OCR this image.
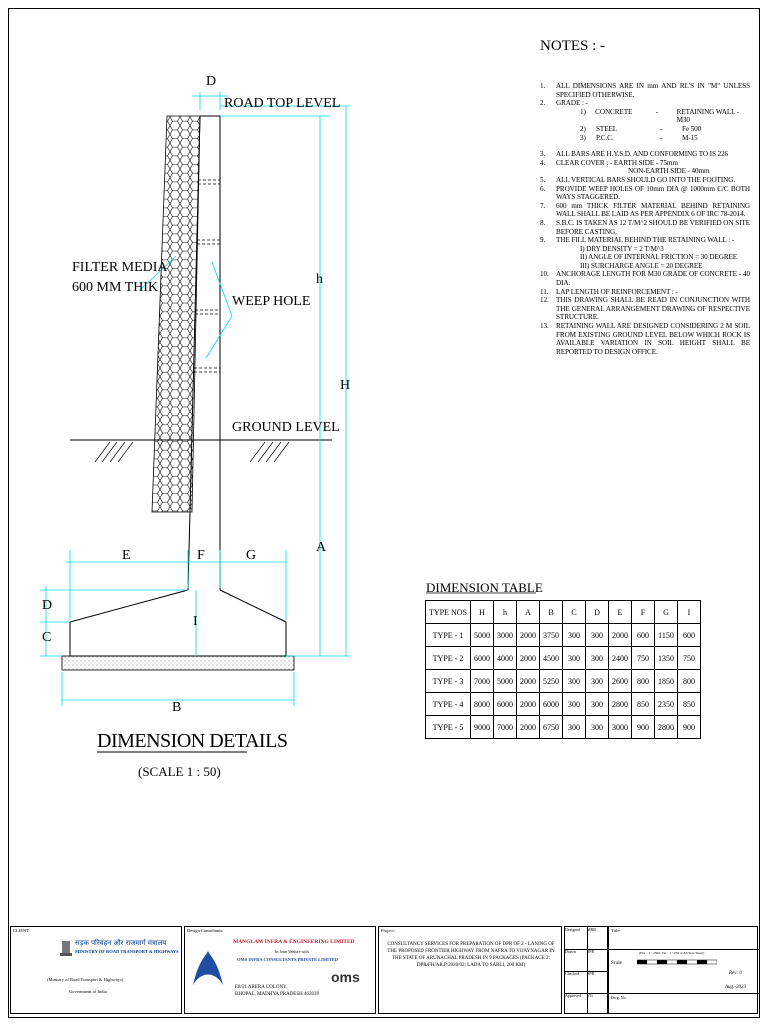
D
ROAD TOP LEVEL
FILTER MEDIA
600 MM THIK
WEEP HOLE
h
H
GROUND LEVEL
A
E	F	G
D
C
I
B
DIMENSION DETAILS
(SCALE 1 : 50)
NOTES : -
1.	ALL DIMENSIONS ARE IN mm AND RL'S IN "M" UNLESS SPECIFIED OTHERWISE.
2.	GRADE : -
1)	CONCRETE	-	RETAINING WALL - M30
2)	STEEL	-	Fe 500
3)	P.C.C.	-	M-15
3.	ALL BARS ARE H.Y.S.D. AND CONFORMING TO IS 226
4.	CLEAR COVER : - EARTH SIDE - 75mm
NON-EARTH SIDE - 40mm
5.	ALL VERTICAL BARS SHOULD GO INTO THE FOOTING.
6.	PROVIDE WEEP HOLES OF 10mm DIA @ 1000mm C/C BOTH WAYS STAGGERED.
7.	600 mm THICK FILTER MATERIAL BEHIND RETAINING WALL SHALL BE LAID AS PER APPENDIX 6 OF IRC 78-2014.
8.	S.B.C. IS TAKEN AS 12 T/M^2 SHOULD BE VERIFIED ON SITE BEFORE CASTING.
9.	THE FILL MATERIAL BEHIND THE RETAINING WALL : -
I) DRY DENSITY = 2 T/M^3
II) ANGLE OF INTERNAL FRICTION = 30 DEGREE
III) SURCHARGE ANGLE = 20 DEGREE
10.	ANCHORAGE LENGTH FOR M30 GRADE OF CONCRETE - 40 DIA.
11.	LAP LENGTH OF REINFORCEMENT : -
12.	THIS DRAWING SHALL BE READ IN CONJUNCTION WITH THE GENERAL ARRANGEMENT DRAWING OF RESPECTIVE STRUCTURE.
13.	RETAINING WALL ARE DESIGNED CONSIDERING 2 M SOIL FROM EXISTING GROUND LEVEL BELOW WHICH ROCK IS AVAILABLE VARIATION IN SOIL HEIGHT SHALL BE REPORTED TO DESIGN OFFICE.
DIMENSION TABLE
TYPE NOS	H	h	A	B	C	D	E	F	G	I
TYPE - 1	5000	3000	2000	3750	300	300	2000	600	1150	600
TYPE - 2	6000	4000	2000	4500	300	300	2400	750	1350	750
TYPE - 3	7000	5000	2000	5250	300	300	2600	800	1850	800
TYPE - 4	8000	6000	2000	6000	300	300	2800	850	2350	850
TYPE - 5	9000	7000	2000	6750	300	300	3000	900	2800	900
CLIENT:
सड़क परिवहन और राजमार्ग मंत्रालय
MINISTRY OF ROAD TRANSPORT & HIGHWAYS
(Ministry of Road Transport & Highways)
Government of India
Design Consultants:
MANGLAM INFRA & ENGINEERING LIMITED
In Joint Venture with
OMS INFRA CONSULTANTS PRIVATE LIMITED
E8/31 ARERA COLONY,
BHOPAL, MADHYA PRADESH 462039
oms
Project:
CONSULTANCY SERVICES FOR PREPARATION OF DPR OF 2 - LANING OF THE PROPOSED FRONTIER HIGHWAY FROM NAFRA TO VIJAYNAGAR IN THE STATE OF ARUNACHAL PRADESH IN 9 PACKAGES (PACKAGE 2: DPR/FH/AR.P/2020/02: LADA TO SARLI, 200 KM)
Designed	MRR
Drawn	SPR
Checked	SPR
Approved	VG
Title:
Scale
(Hor - 1 : 2500, Ver - 1 : 250 at A3 Size Sheet)
Dwg. No.
Rev: 0
Aug.-2023
